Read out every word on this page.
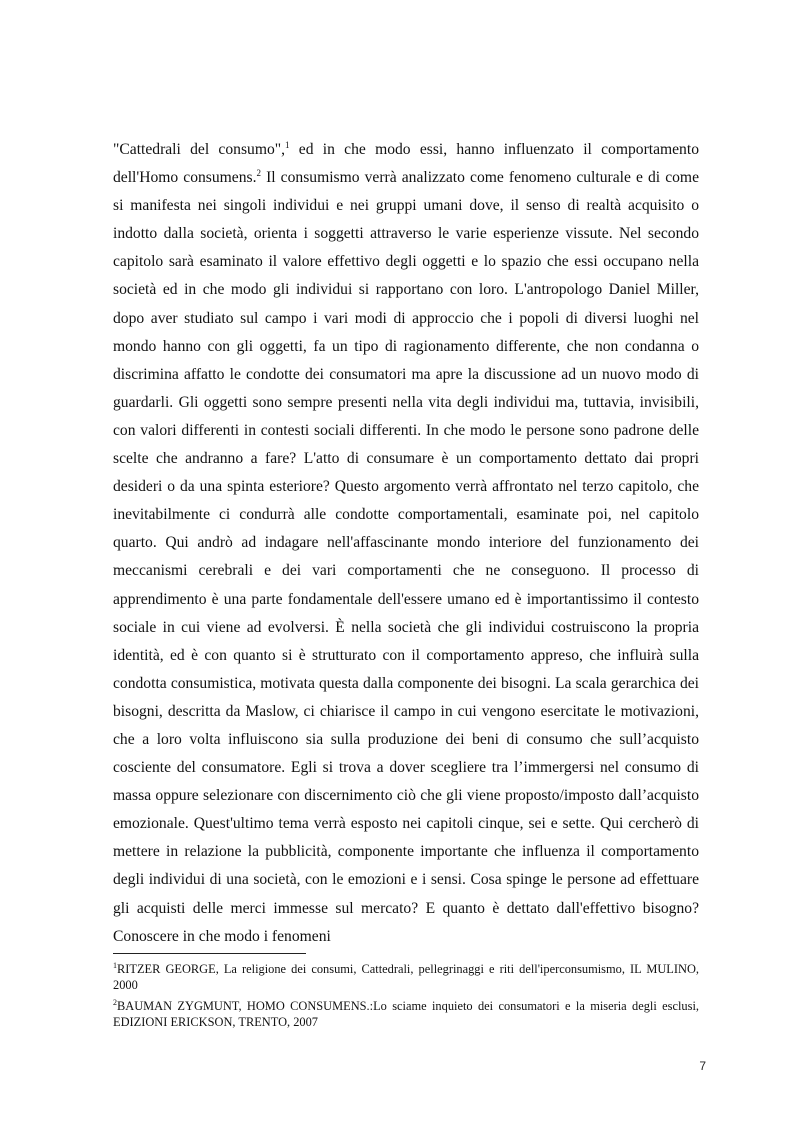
"Cattedrali del consumo",$^1$ ed in che modo essi, hanno influenzato il comportamento dell'Homo consumens.$^2$ Il consumismo verrà analizzato come fenomeno culturale e di come si manifesta nei singoli individui e nei gruppi umani dove, il senso di realtà acquisito o indotto dalla società, orienta i soggetti attraverso le varie esperienze vissute. Nel secondo capitolo sarà esaminato il valore effettivo degli oggetti e lo spazio che essi occupano nella società ed in che modo gli individui si rapportano con loro. L'antropologo Daniel Miller, dopo aver studiato sul campo i vari modi di approccio che i popoli di diversi luoghi nel mondo hanno con gli oggetti, fa un tipo di ragionamento differente, che non condanna o discrimina affatto le condotte dei consumatori ma apre la discussione ad un nuovo modo di guardarli. Gli oggetti sono sempre presenti nella vita degli individui ma, tuttavia, invisibili, con valori differenti in contesti sociali differenti. In che modo le persone sono padrone delle scelte che andranno a fare? L'atto di consumare è un comportamento dettato dai propri desideri o da una spinta esteriore? Questo argomento verrà affrontato nel terzo capitolo, che inevitabilmente ci condurrà alle condotte comportamentali, esaminate poi, nel capitolo quarto. Qui andrò ad indagare nell'affascinante mondo interiore del funzionamento dei meccanismi cerebrali e dei vari comportamenti che ne conseguono. Il processo di apprendimento è una parte fondamentale dell'essere umano ed è importantissimo il contesto sociale in cui viene ad evolversi. È nella società che gli individui costruiscono la propria identità, ed è con quanto si è strutturato con il comportamento appreso, che influirà sulla condotta consumistica, motivata questa dalla componente dei bisogni. La scala gerarchica dei bisogni, descritta da Maslow, ci chiarisce il campo in cui vengono esercitate le motivazioni, che a loro volta influiscono sia sulla produzione dei beni di consumo che sull’acquisto cosciente del consumatore. Egli si trova a dover scegliere tra l’immergersi nel consumo di massa oppure selezionare con discernimento ciò che gli viene proposto/imposto dall’acquisto emozionale. Quest'ultimo tema verrà esposto nei capitoli cinque, sei e sette. Qui cercherò di mettere in relazione la pubblicità, componente importante che influenza il comportamento degli individui di una società, con le emozioni e i sensi. Cosa spinge le persone ad effettuare gli acquisti delle merci immesse sul mercato? E quanto è dettato dall'effettivo bisogno? Conoscere in che modo i fenomeni

$^1$RITZER GEORGE, La religione dei consumi, Cattedrali, pellegrinaggi e riti dell'iperconsumismo, IL MULINO, 2000
$^2$BAUMAN ZYGMUNT, HOMO CONSUMENS.:Lo sciame inquieto dei consumatori e la miseria degli esclusi, EDIZIONI ERICKSON, TRENTO, 2007
7
